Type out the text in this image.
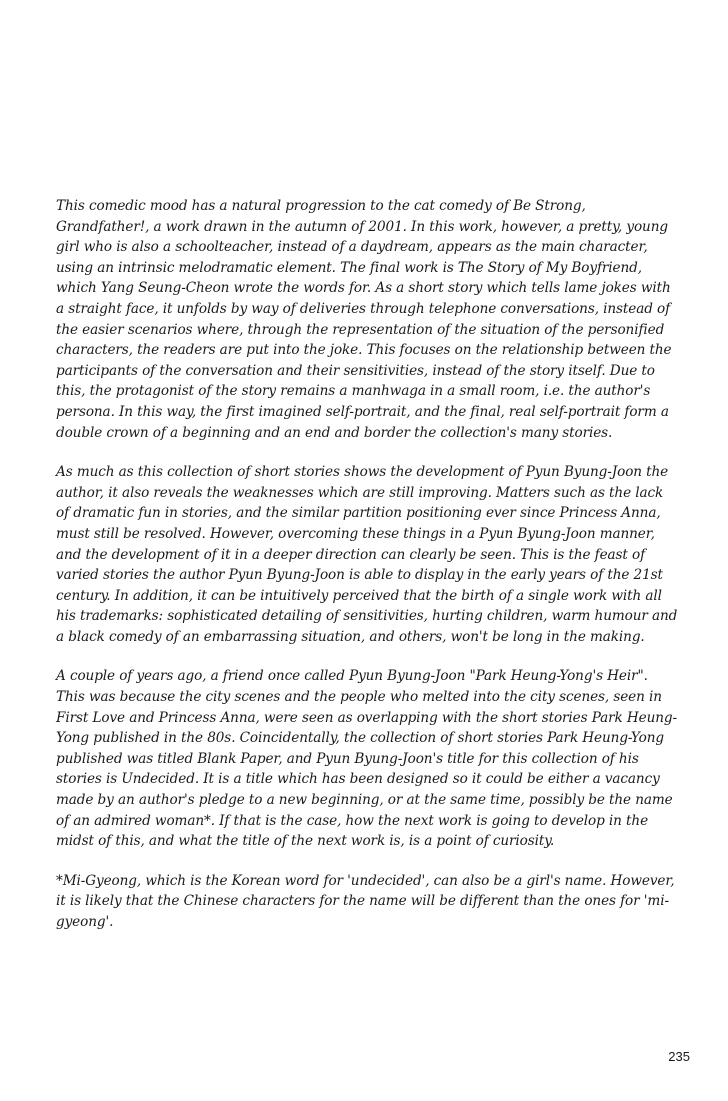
This comedic mood has a natural progression to the cat comedy of Be Strong, Grandfather!, a work drawn in the autumn of 2001. In this work, however, a pretty, young girl who is also a schoolteacher, instead of a daydream, appears as the main character, using an intrinsic melodramatic element. The final work is The Story of My Boyfriend, which Yang Seung-Cheon wrote the words for. As a short story which tells lame jokes with a straight face, it unfolds by way of deliveries through telephone conversations, instead of the easier scenarios where, through the representation of the situation of the personified characters, the readers are put into the joke. This focuses on the relationship between the participants of the conversation and their sensitivities, instead of the story itself. Due to this, the protagonist of the story remains a manhwaga in a small room, i.e. the author's persona. In this way, the first imagined self-portrait, and the final, real self-portrait form a double crown of a beginning and an end and border the collection's many stories.

As much as this collection of short stories shows the development of Pyun Byung-Joon the author, it also reveals the weaknesses which are still improving. Matters such as the lack of dramatic fun in stories, and the similar partition positioning ever since Princess Anna, must still be resolved. However, overcoming these things in a Pyun Byung-Joon manner, and the development of it in a deeper direction can clearly be seen. This is the feast of varied stories the author Pyun Byung-Joon is able to display in the early years of the 21st century. In addition, it can be intuitively perceived that the birth of a single work with all his trademarks: sophisticated detailing of sensitivities, hurting children, warm humour and a black comedy of an embarrassing situation, and others, won't be long in the making.

A couple of years ago, a friend once called Pyun Byung-Joon "Park Heung-Yong's Heir". This was because the city scenes and the people who melted into the city scenes, seen in First Love and Princess Anna, were seen as overlapping with the short stories Park Heung-Yong published in the 80s. Coincidentally, the collection of short stories Park Heung-Yong published was titled Blank Paper, and Pyun Byung-Joon's title for this collection of his stories is Undecided. It is a title which has been designed so it could be either a vacancy made by an author's pledge to a new beginning, or at the same time, possibly be the name of an admired woman*. If that is the case, how the next work is going to develop in the midst of this, and what the title of the next work is, is a point of curiosity.

*Mi-Gyeong, which is the Korean word for 'undecided', can also be a girl's name. However, it is likely that the Chinese characters for the name will be different than the ones for 'mi-gyeong'.

235
